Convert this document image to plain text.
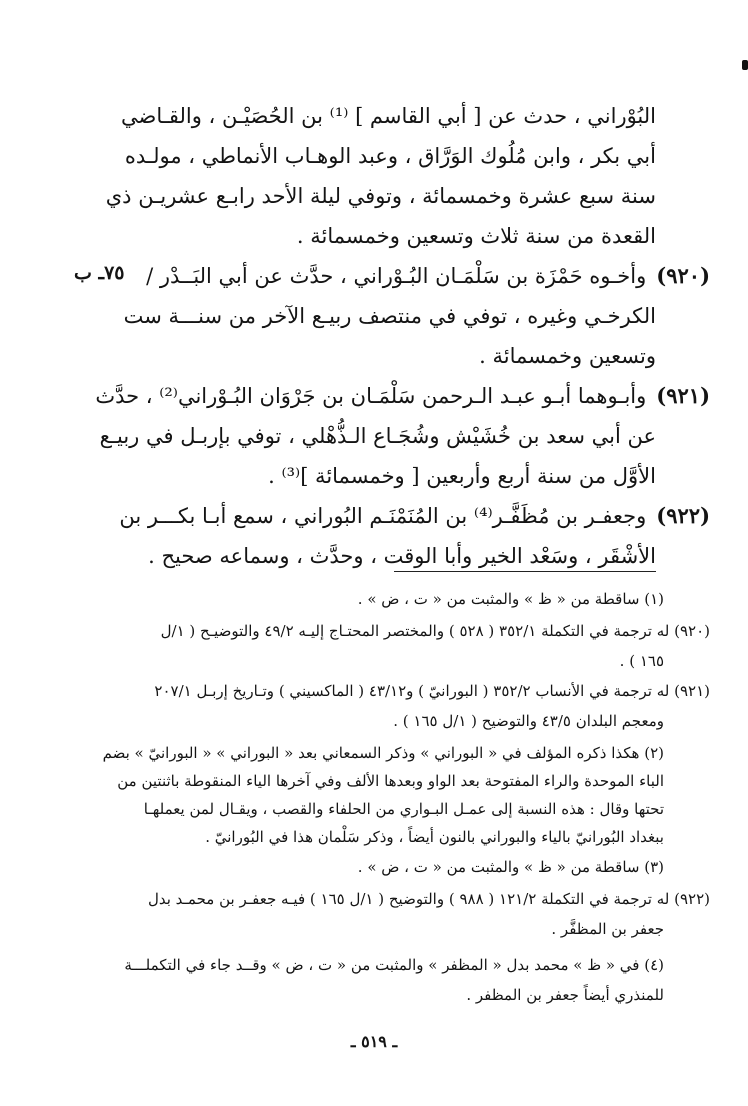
البُوْراني ، حدث عن [ أبي القاسم ] ⁽¹⁾ بن الحُصَيْـن ، والقـاضي
أبي بكر ، وابن مُلُوك الوَرَّاق ، وعبد الوهـاب الأنماطي ، مولـده
سنة سبع عشرة وخمسمائة ، وتوفي ليلة الأحد رابـع عشريـن ذي
القعدة من سنة ثلاث وتسعين وخمسمائة .
(٩٢٠)وأخـوه حَمْزَة بن سَلْمَـان البُـوْراني ، حدَّث عن أبي البَــدْر /
٧٥ـ ب
الكرخـي وغيره ، توفي في منتصف ربيـع الآخر من سنـــة ست
وتسعين وخمسمائة .
(٩٢١)وأبـوهما أبـو عبـد الـرحمن سَلْمَـان بن جَرْوَان البُـوْراني⁽²⁾ ، حدَّث
عن أبي سعد بن خُشَيْش وشُجَـاع الـذُّهْلي ، توفي بإربـل في ربيـع
الأوَّل من سنة أربع وأربعين [ وخمسمائة ]⁽³⁾ .
(٩٢٢)وجعفـر بن مُظَفَّـر⁽⁴⁾ بن المُنَمْنَـم البُوراني ، سمع أبـا بكـــر بن
الأشْقَر ، وسَعْد الخير وأبا الوقت ، وحدَّث ، وسماعه صحيح .
(١) ساقطة من « ظ » والمثبت من « ت ، ض » .
(٩٢٠) له ترجمة في التكملة ٣٥٢/١ ( ٥٢٨ ) والمختصر المحتـاج إليـه ٤٩/٢ والتوضيـح ( ١/ل
١٦٥ ) .
(٩٢١) له ترجمة في الأنساب ٣٥٢/٢ ( البورانيّ ) و٤٣/١٢ ( الماكسيني ) وتـاريخ إربـل ٢٠٧/١
ومعجم البلدان ٤٣/٥ والتوضيح ( ١/ل ١٦٥ ) .
(٢) هكذا ذكره المؤلف في « البوراني » وذكر السمعاني بعد « البوراني » « البورانيّ » بضم
الباء الموحدة والراء المفتوحة بعد الواو وبعدها الألف وفي آخرها الياء المنقوطة باثنتين من
تحتها وقال : هذه النسبة إلى عمـل البـواري من الحلفاء والقصب ، ويقـال لمن يعملهـا
ببغداد البُورانيّ بالياء والبوراني بالنون أيضاً ، وذكر سَلْمان هذا في البُورانيّ .
(٣) ساقطة من « ظ » والمثبت من « ت ، ض » .
(٩٢٢) له ترجمة في التكملة ١٢١/٢ ( ٩٨٨ ) والتوضيح ( ١/ل ١٦٥ ) فيـه جعفـر بن محمـد بدل
جعفر بن المظفَّر .
(٤) في « ظ » محمد بدل « المظفر » والمثبت من « ت ، ض » وقــد جاء في التكملـــة
للمنذري أيضاً جعفر بن المظفر .
ـ ٥١٩ ـ
